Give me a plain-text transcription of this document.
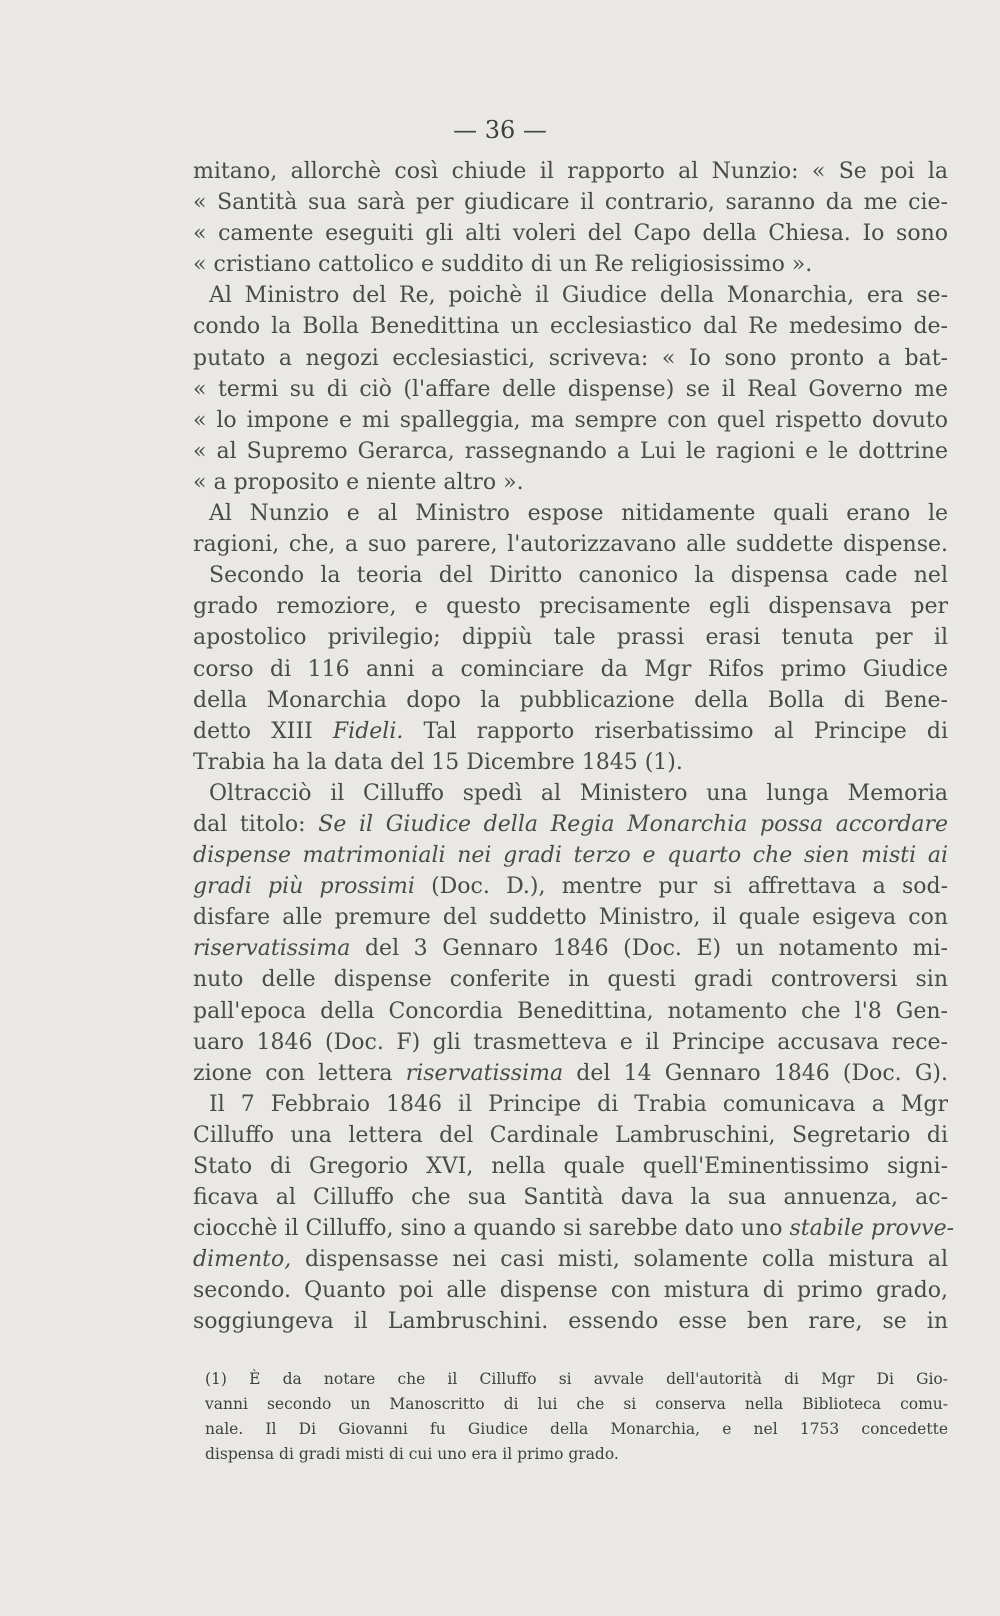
— 36 —
mitano, allorchè così chiude il rapporto al Nunzio: « Se poi la
« Santità sua sarà per giudicare il contrario, saranno da me cie-
« camente eseguiti gli alti voleri del Capo della Chiesa. Io sono
« cristiano cattolico e suddito di un Re religiosissimo ».
Al Ministro del Re, poichè il Giudice della Monarchia, era se-
condo la Bolla Benedittina un ecclesiastico dal Re medesimo de-
putato a negozi ecclesiastici, scriveva: « Io sono pronto a bat-
« termi su di ciò (l'affare delle dispense) se il Real Governo me
« lo impone e mi spalleggia, ma sempre con quel rispetto dovuto
« al Supremo Gerarca, rassegnando a Lui le ragioni e le dottrine
« a proposito e niente altro ».
Al Nunzio e al Ministro espose nitidamente quali erano le
ragioni, che, a suo parere, l'autorizzavano alle suddette dispense.
Secondo la teoria del Diritto canonico la dispensa cade nel
grado remoziore, e questo precisamente egli dispensava per
apostolico privilegio; dippiù tale prassi erasi tenuta per il
corso di 116 anni a cominciare da Mgr Rifos primo Giudice
della Monarchia dopo la pubblicazione della Bolla di Bene-
detto XIII Fideli. Tal rapporto riserbatissimo al Principe di
Trabia ha la data del 15 Dicembre 1845 (1).
Oltracciò il Cilluffo spedì al Ministero una lunga Memoria
dal titolo: Se il Giudice della Regia Monarchia possa accordare
dispense matrimoniali nei gradi terzo e quarto che sien misti ai
gradi più prossimi (Doc. D.), mentre pur si affrettava a sod-
disfare alle premure del suddetto Ministro, il quale esigeva con
riservatissima del 3 Gennaro 1846 (Doc. E) un notamento mi-
nuto delle dispense conferite in questi gradi controversi sin
pall'epoca della Concordia Benedittina, notamento che l'8 Gen-
uaro 1846 (Doc. F) gli trasmetteva e il Principe accusava rece-
zione con lettera riservatissima del 14 Gennaro 1846 (Doc. G).
Il 7 Febbraio 1846 il Principe di Trabia comunicava a Mgr
Cilluffo una lettera del Cardinale Lambruschini, Segretario di
Stato di Gregorio XVI, nella quale quell'Eminentissimo signi-
ficava al Cilluffo che sua Santità dava la sua annuenza, ac-
ciocchè il Cilluffo, sino a quando si sarebbe dato uno stabile provve-
dimento, dispensasse nei casi misti, solamente colla mistura al
secondo. Quanto poi alle dispense con mistura di primo grado,
soggiungeva il Lambruschini. essendo esse ben rare, se in
(1) È da notare che il Cilluffo si avvale dell'autorità di Mgr Di Gio-
vanni secondo un Manoscritto di lui che si conserva nella Biblioteca comu-
nale. Il Di Giovanni fu Giudice della Monarchia, e nel 1753 concedette
dispensa di gradi misti di cui uno era il primo grado.
